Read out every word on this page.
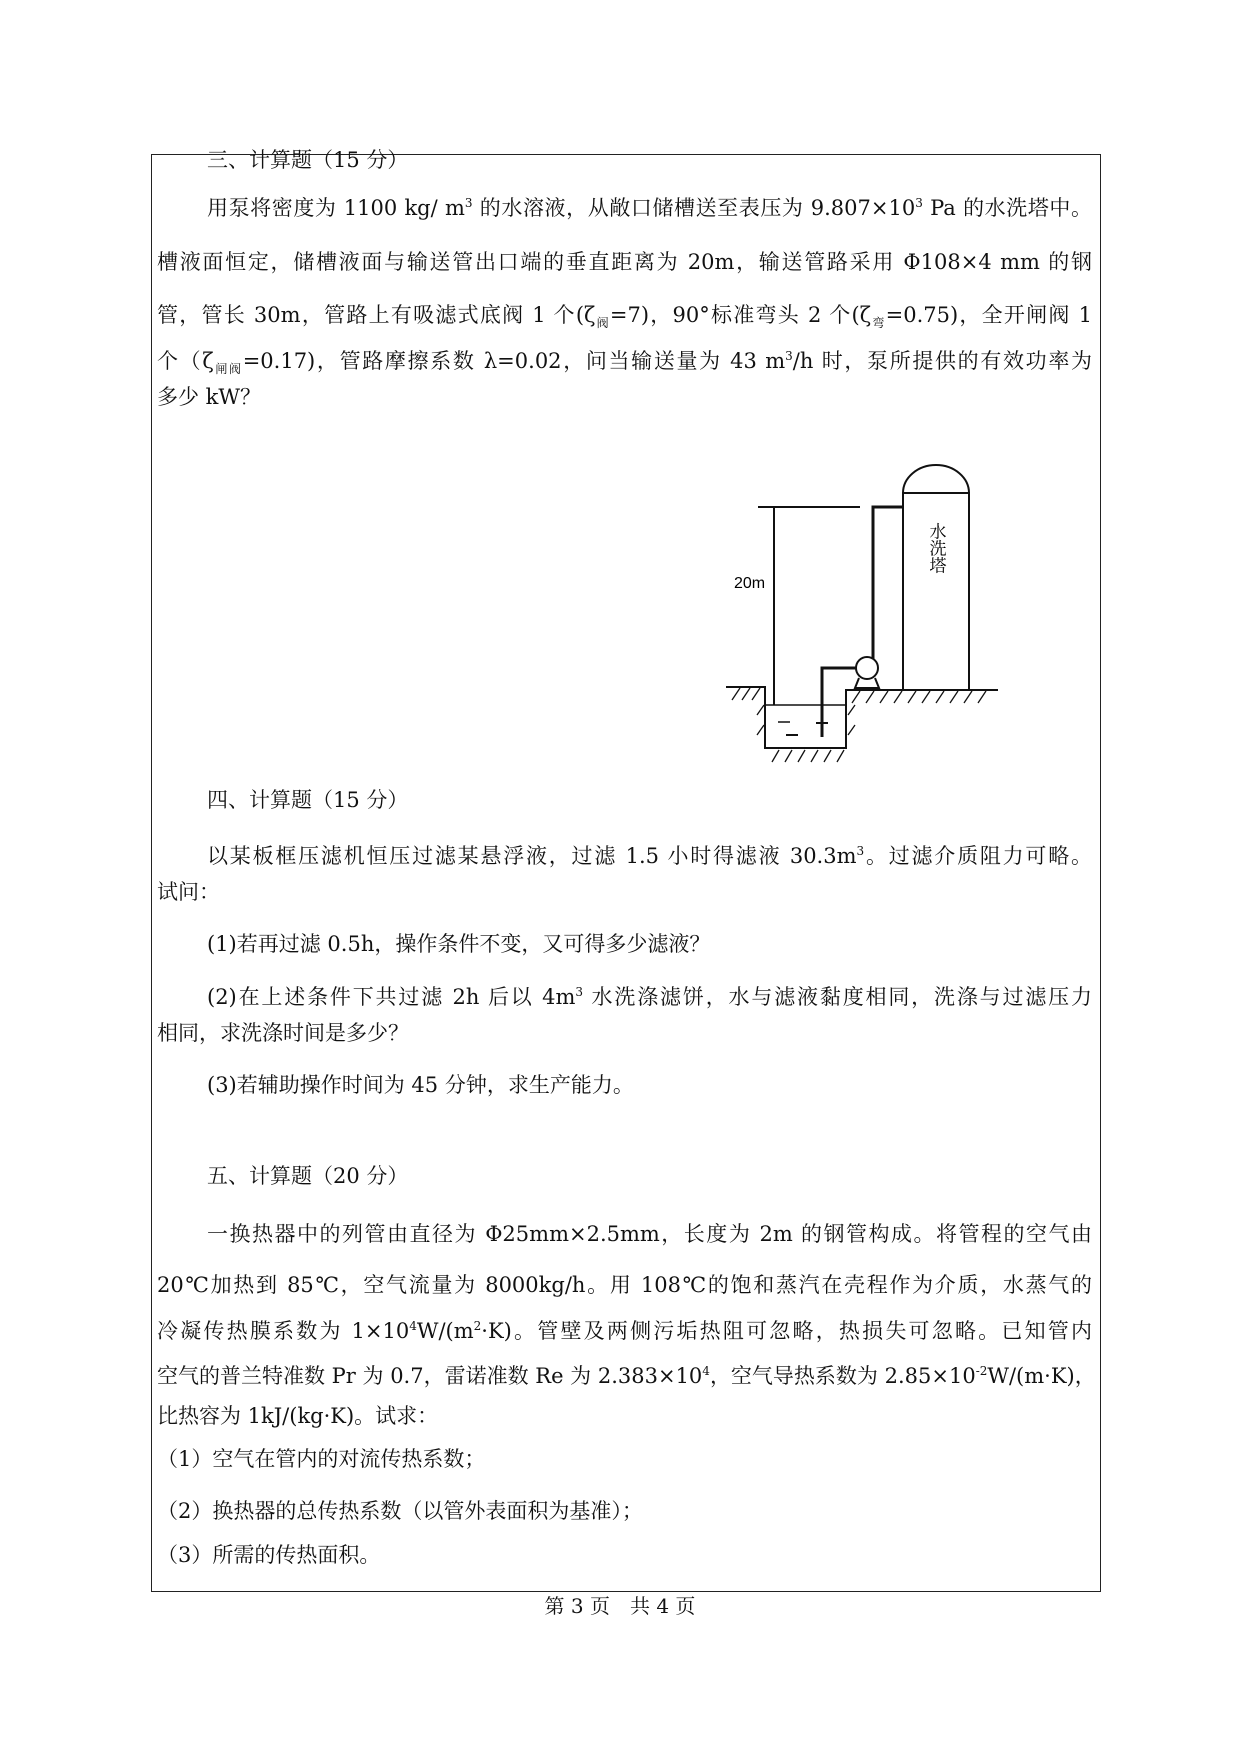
三、计算题（15 分）
用泵将密度为 1100 kg/ $m^3$ 的水溶液，从敞口储槽送至表压为 $9.807\times 10^3$ Pa 的水洗塔中。
槽液面恒定，储槽液面与输送管出口端的垂直距离为 20m，输送管路采用 Φ108×4 mm 的钢
管，管长 30m，管路上有吸滤式底阀 1 个$(\zeta_阀=7)$，90°标准弯头 2 个$(\zeta_弯=0.75)$，全开闸阀 1
个$(\zeta_{闸阀}=0.17)$，管路摩擦系数 λ=0.02，问当输送量为 43 $m^3/h$ 时，泵所提供的有效功率为
多少 kW？
20m
水洗塔
四、计算题（15 分）
以某板框压滤机恒压过滤某悬浮液，过滤 1.5 小时得滤液 $30.3m^3$。过滤介质阻力可略。
试问：
(1)若再过滤 0.5h，操作条件不变，又可得多少滤液？
(2)在上述条件下共过滤 2h 后以 $4m^3$ 水洗涤滤饼，水与滤液黏度相同，洗涤与过滤压力
相同，求洗涤时间是多少？
(3)若辅助操作时间为 45 分钟，求生产能力。
五、计算题（20 分）
一换热器中的列管由直径为 Φ25mm×2.5mm，长度为 2m 的钢管构成。将管程的空气由
20℃加热到 85℃，空气流量为 8000kg/h。用 108℃的饱和蒸汽在壳程作为介质，水蒸气的
冷凝传热膜系数为 $1\times 10^4W/(m^2\cdot K)$。管壁及两侧污垢热阻可忽略，热损失可忽略。已知管内
空气的普兰特准数 Pr 为 0.7，雷诺准数 Re 为 $2.383\times 10^4$，空气导热系数为 $2.85\times 10^{-2}W/(m\cdot K)$，
比热容为 1kJ/(kg·K)。试求：
（1）空气在管内的对流传热系数；
（2）换热器的总传热系数（以管外表面积为基准）；
（3）所需的传热面积。
第 3 页　共 4 页
